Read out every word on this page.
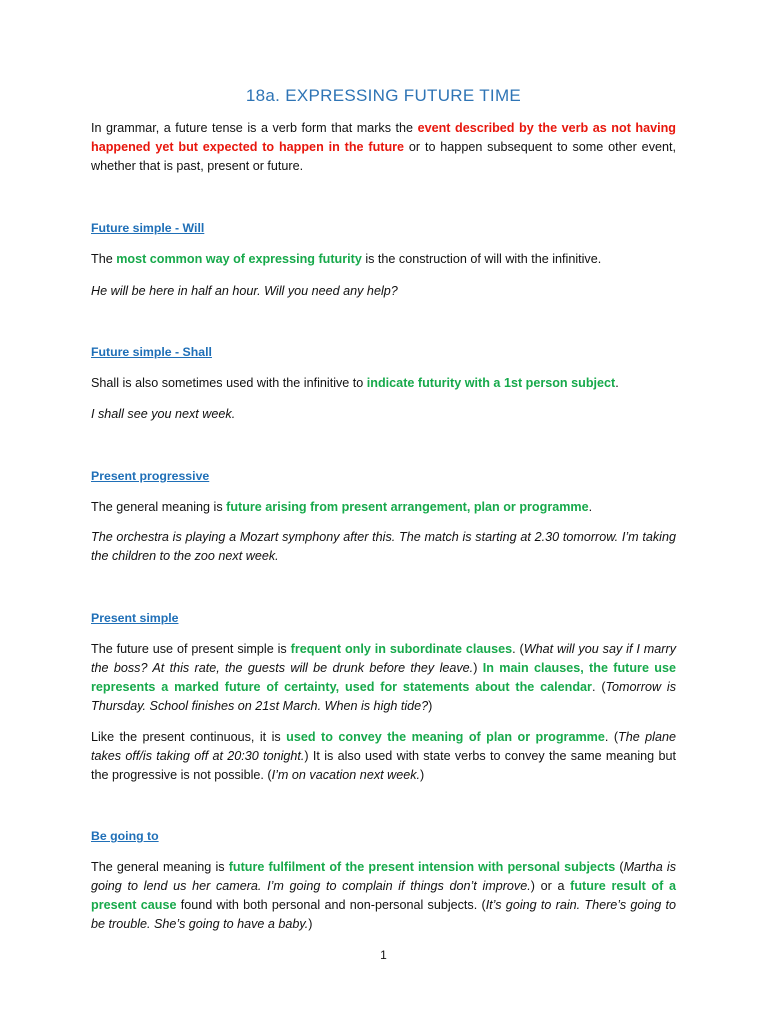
18a. EXPRESSING FUTURE TIME
In grammar, a future tense is a verb form that marks the event described by the verb as not having happened yet but expected to happen in the future or to happen subsequent to some other event, whether that is past, present or future.
Future simple - Will
The most common way of expressing futurity is the construction of will with the infinitive.
He will be here in half an hour. Will you need any help?
Future simple - Shall
Shall is also sometimes used with the infinitive to indicate futurity with a 1st person subject.
I shall see you next week.
Present progressive
The general meaning is future arising from present arrangement, plan or programme.
The orchestra is playing a Mozart symphony after this. The match is starting at 2.30 tomorrow. I’m taking the children to the zoo next week.
Present simple
The future use of present simple is frequent only in subordinate clauses. (What will you say if I marry the boss? At this rate, the guests will be drunk before they leave.) In main clauses, the future use represents a marked future of certainty, used for statements about the calendar. (Tomorrow is Thursday. School finishes on 21st March. When is high tide?)
Like the present continuous, it is used to convey the meaning of plan or programme. (The plane takes off/is taking off at 20:30 tonight.) It is also used with state verbs to convey the same meaning but the progressive is not possible. (I’m on vacation next week.)
Be going to
The general meaning is future fulfilment of the present intension with personal subjects (Martha is going to lend us her camera. I’m going to complain if things don’t improve.) or a future result of a present cause found with both personal and non-personal subjects. (It’s going to rain. There’s going to be trouble. She’s going to have a baby.)
1
